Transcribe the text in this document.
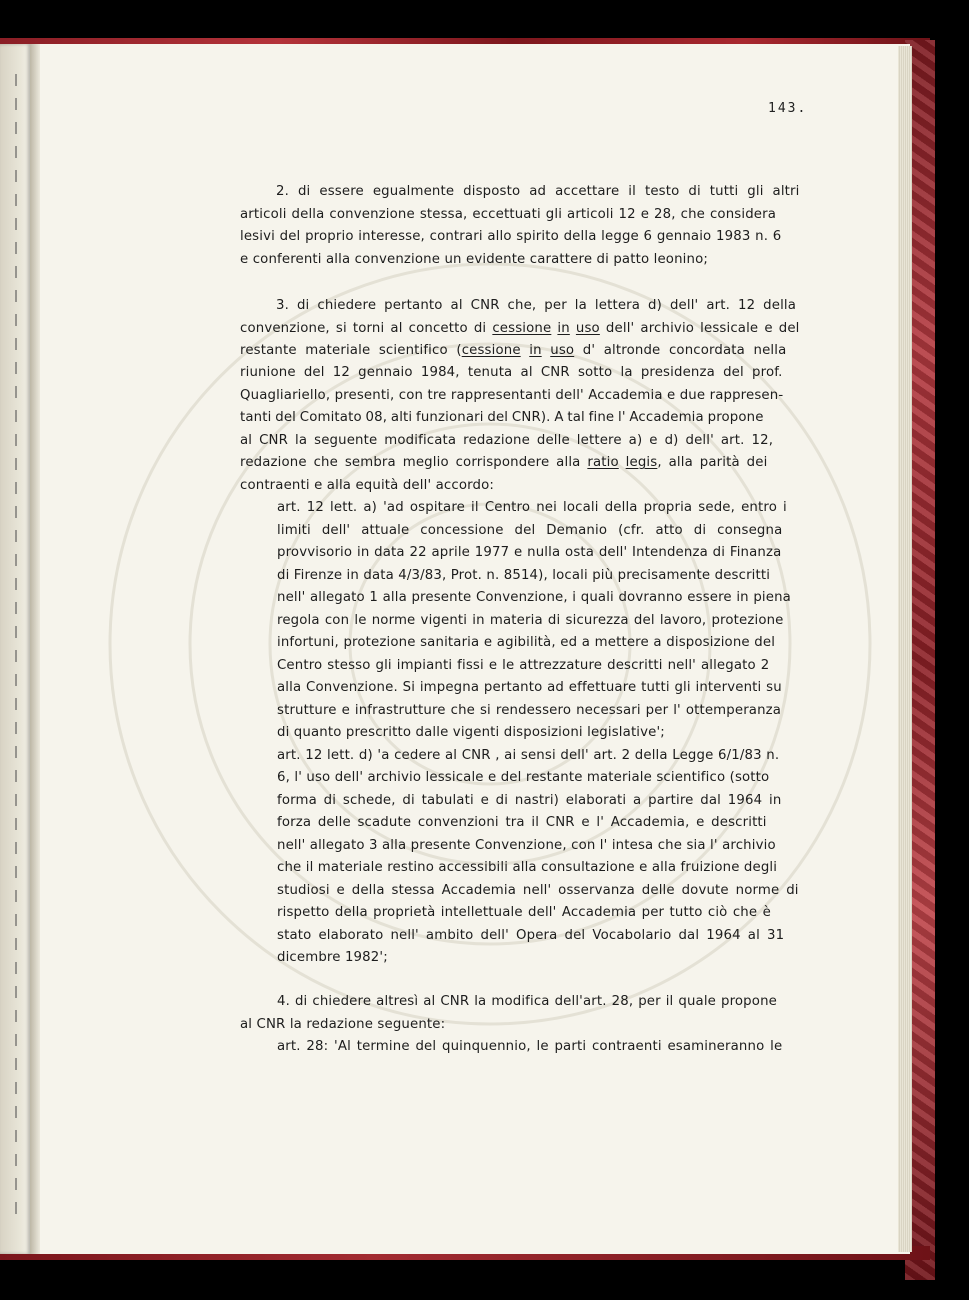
143.
2. di essere egualmente disposto ad accettare il testo di tutti gli altri
articoli della convenzione stessa, eccettuati gli articoli 12 e 28, che considera
lesivi del proprio interesse, contrari allo spirito della legge 6 gennaio 1983 n. 6
e conferenti alla convenzione un evidente carattere di patto leonino;
3. di chiedere pertanto al CNR che, per la lettera d) dell' art. 12 della
convenzione, si torni al concetto di cessione in uso dell' archivio lessicale e del
restante materiale scientifico (cessione in uso d' altronde concordata nella
riunione del 12 gennaio 1984, tenuta al CNR sotto la presidenza del prof.
Quagliariello, presenti, con tre rappresentanti dell' Accademia e due rappresen-
tanti del Comitato 08, alti funzionari del CNR). A tal fine l' Accademia propone
al CNR la seguente modificata redazione delle lettere a) e d) dell' art. 12,
redazione che sembra meglio corrispondere alla ratio legis, alla parità dei
contraenti e alla equità dell' accordo:
art. 12 lett. a) 'ad ospitare il Centro nei locali della propria sede, entro i
limiti dell' attuale concessione del Demanio (cfr. atto di consegna
provvisorio in data 22 aprile 1977 e nulla osta dell' Intendenza di Finanza
di Firenze in data 4/3/83, Prot. n. 8514), locali più precisamente descritti
nell' allegato 1 alla presente Convenzione, i quali dovranno essere in piena
regola con le norme vigenti in materia di sicurezza del lavoro, protezione
infortuni, protezione sanitaria e agibilità, ed a mettere a disposizione del
Centro stesso gli impianti fissi e le attrezzature descritti nell' allegato 2
alla Convenzione. Si impegna pertanto ad effettuare tutti gli interventi su
strutture e infrastrutture che si rendessero necessari per l' ottemperanza
di quanto prescritto dalle vigenti disposizioni legislative';
art. 12 lett. d) 'a cedere al CNR , ai sensi dell' art. 2 della Legge 6/1/83 n.
6, l' uso dell' archivio lessicale e del restante materiale scientifico (sotto
forma di schede, di tabulati e di nastri) elaborati a partire dal 1964 in
forza delle scadute convenzioni tra il CNR e l' Accademia, e descritti
nell' allegato 3 alla presente Convenzione, con l' intesa che sia l' archivio
che il materiale restino accessibili alla consultazione e alla fruizione degli
studiosi e della stessa Accademia nell' osservanza delle dovute norme di
rispetto della proprietà intellettuale dell' Accademia per tutto ciò che è
stato elaborato nell' ambito dell' Opera del Vocabolario dal 1964 al 31
dicembre 1982';
4. di chiedere altresì al CNR la modifica dell'art. 28, per il quale propone
al CNR la redazione seguente:
art. 28: 'Al termine del quinquennio, le parti contraenti esamineranno le
